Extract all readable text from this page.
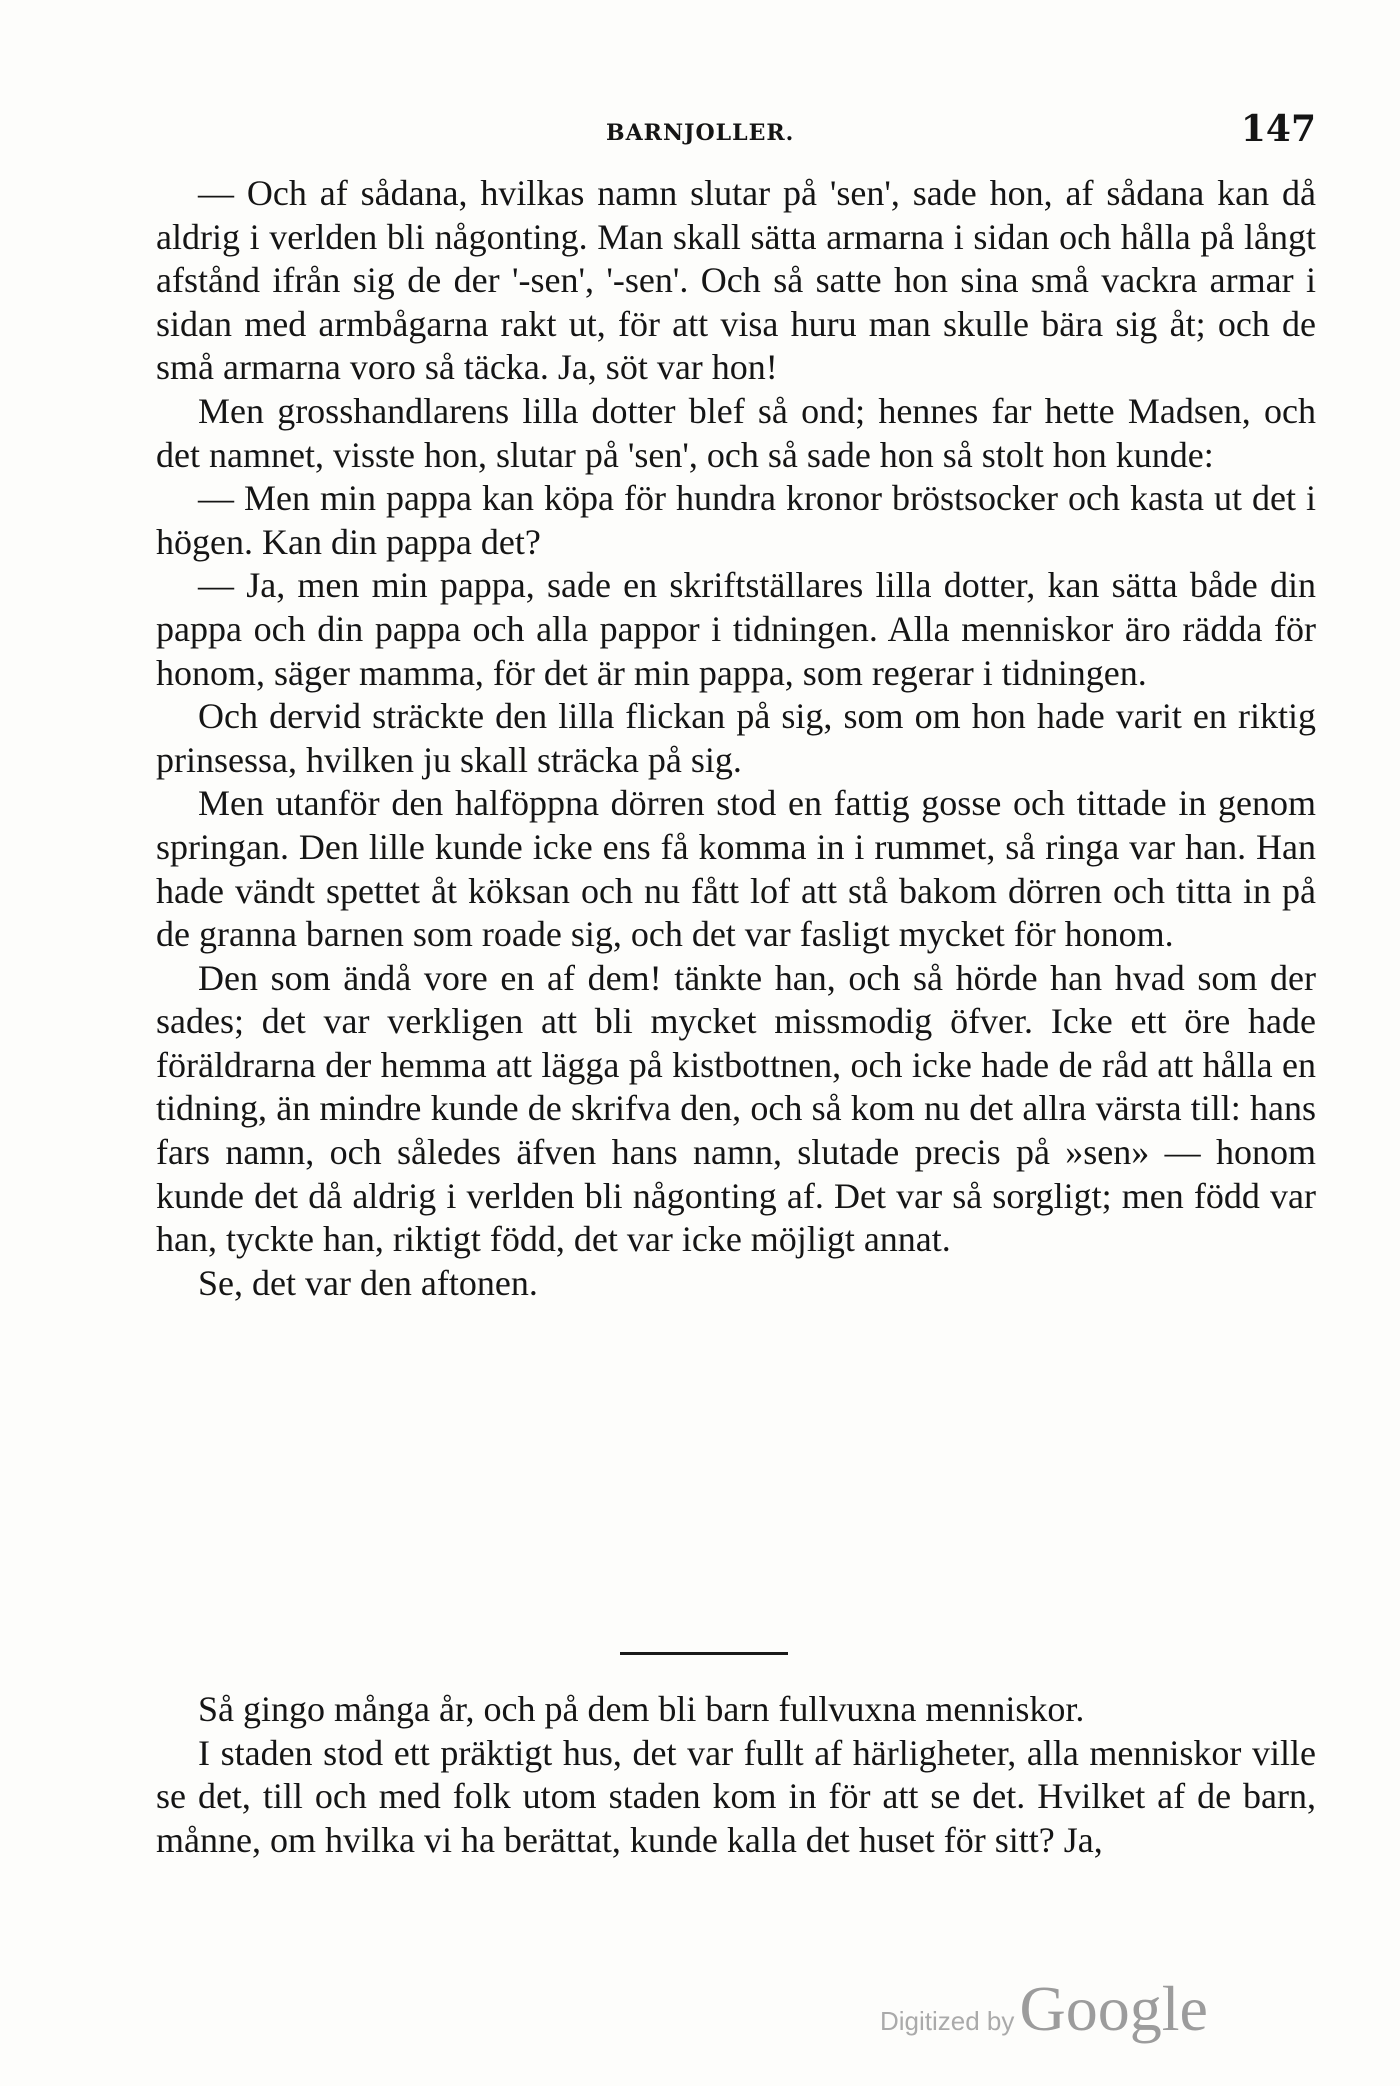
BARNJOLLER.	147

— Och af sådana, hvilkas namn slutar på 'sen', sade hon, af sådana kan då aldrig i verlden bli någonting. Man skall sätta armarna i sidan och hålla på långt afstånd ifrån sig de der '-sen', '-sen'. Och så satte hon sina små vackra armar i sidan med armbågarna rakt ut, för att visa huru man skulle bära sig åt; och de små armarna voro så täcka. Ja, söt var hon!

Men grosshandlarens lilla dotter blef så ond; hennes far hette Madsen, och det namnet, visste hon, slutar på 'sen', och så sade hon så stolt hon kunde:

— Men min pappa kan köpa för hundra kronor bröstsocker och kasta ut det i högen. Kan din pappa det?

— Ja, men min pappa, sade en skriftställares lilla dotter, kan sätta både din pappa och din pappa och alla pappor i tidningen. Alla menniskor äro rädda för honom, säger mamma, för det är min pappa, som regerar i tidningen.

Och dervid sträckte den lilla flickan på sig, som om hon hade varit en riktig prinsessa, hvilken ju skall sträcka på sig.

Men utanför den halföppna dörren stod en fattig gosse och tittade in genom springan. Den lille kunde icke ens få komma in i rummet, så ringa var han. Han hade vändt spettet åt köksan och nu fått lof att stå bakom dörren och titta in på de granna barnen som roade sig, och det var fasligt mycket för honom.

Den som ändå vore en af dem! tänkte han, och så hörde han hvad som der sades; det var verkligen att bli mycket missmodig öfver. Icke ett öre hade föräldrarna der hemma att lägga på kistbottnen, och icke hade de råd att hålla en tidning, än mindre kunde de skrifva den, och så kom nu det allra värsta till: hans fars namn, och således äfven hans namn, slutade precis på »sen» — honom kunde det då aldrig i verlden bli någonting af. Det var så sorgligt; men född var han, tyckte han, riktigt född, det var icke möjligt annat.

Se, det var den aftonen.

Så gingo många år, och på dem bli barn fullvuxna menniskor.

I staden stod ett präktigt hus, det var fullt af härligheter, alla menniskor ville se det, till och med folk utom staden kom in för att se det. Hvilket af de barn, månne, om hvilka vi ha berättat, kunde kalla det huset för sitt? Ja,

Digitized by Google
